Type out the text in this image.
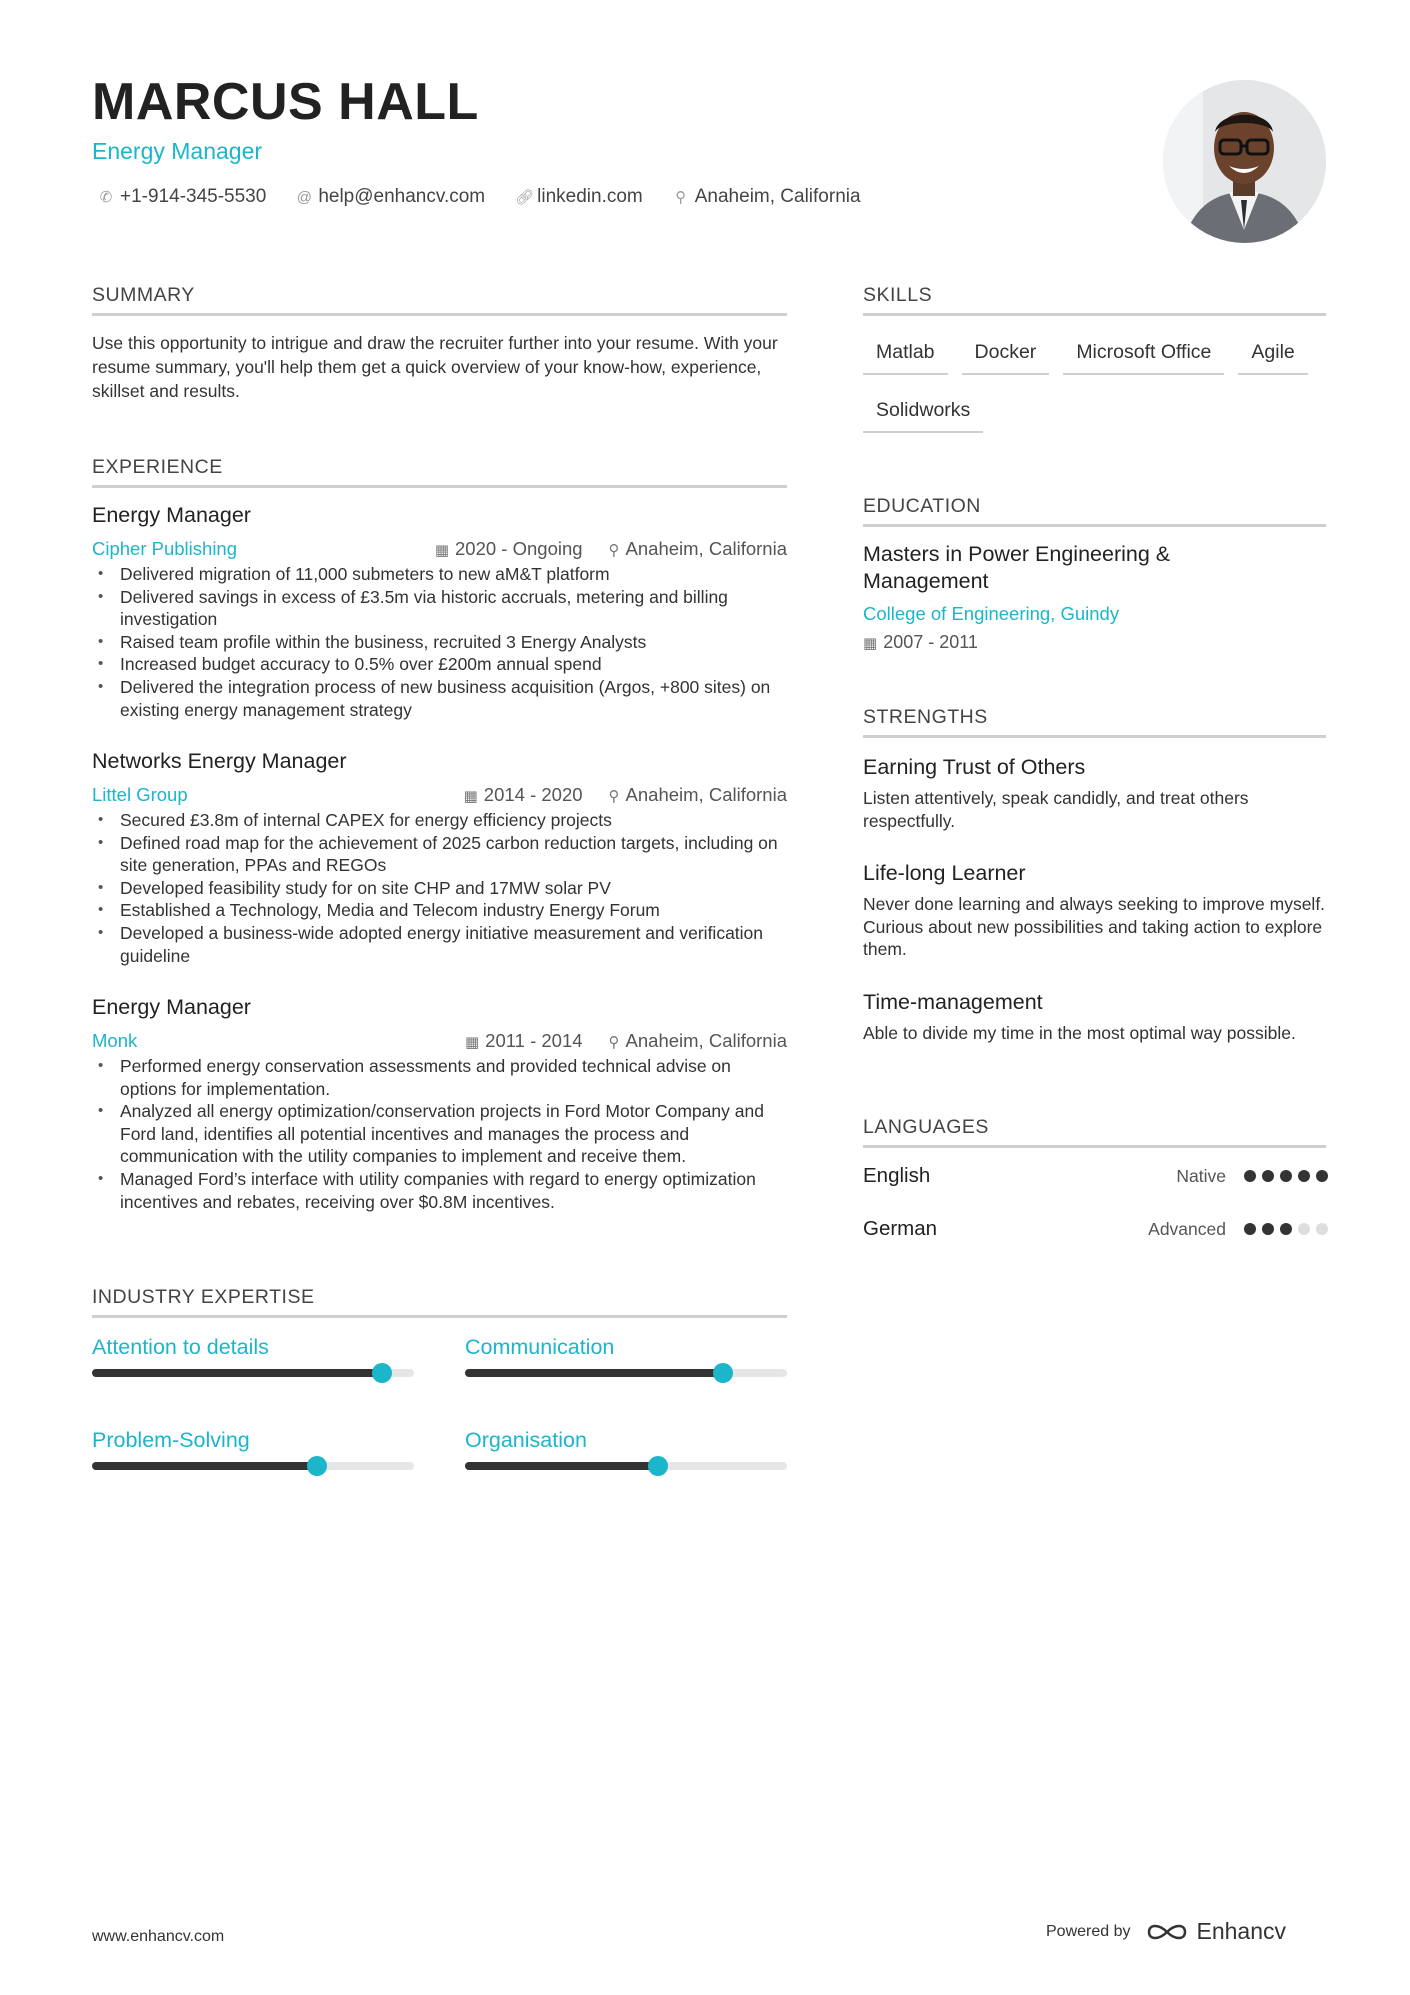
MARCUS HALL
Energy Manager
✆ +1-914-345-5530 @ help@enhancv.com 🔗︎ linkedin.com ⚲ Anaheim, California
SUMMARY
Use this opportunity to intrigue and draw the recruiter further into your resume. With your resume summary, you'll help them get a quick overview of your know-how, experience, skillset and results.
EXPERIENCE
Energy Manager
Cipher Publishing	▦ 2020 - Ongoing ⚲ Anaheim, California
• Delivered migration of 11,000 submeters to new aM&T platform
• Delivered savings in excess of £3.5m via historic accruals, metering and billing investigation
• Raised team profile within the business, recruited 3 Energy Analysts
• Increased budget accuracy to 0.5% over £200m annual spend
• Delivered the integration process of new business acquisition (Argos, +800 sites) on existing energy management strategy
Networks Energy Manager
Littel Group	▦ 2014 - 2020 ⚲ Anaheim, California
• Secured £3.8m of internal CAPEX for energy efficiency projects
• Defined road map for the achievement of 2025 carbon reduction targets, including on site generation, PPAs and REGOs
• Developed feasibility study for on site CHP and 17MW solar PV
• Established a Technology, Media and Telecom industry Energy Forum
• Developed a business-wide adopted energy initiative measurement and verification guideline
Energy Manager
Monk	▦ 2011 - 2014 ⚲ Anaheim, California
• Performed energy conservation assessments and provided technical advise on options for implementation.
• Analyzed all energy optimization/conservation projects in Ford Motor Company and Ford land, identifies all potential incentives and manages the process and communication with the utility companies to implement and receive them.
• Managed Ford’s interface with utility companies with regard to energy optimization incentives and rebates, receiving over $0.8M incentives.
INDUSTRY EXPERTISE
Attention to details	Communication
Problem-Solving	Organisation
SKILLS
Matlab	Docker	Microsoft Office	Agile
Solidworks
EDUCATION
Masters in Power Engineering & Management
College of Engineering, Guindy
▦ 2007 - 2011
STRENGTHS
Earning Trust of Others
Listen attentively, speak candidly, and treat others respectfully.
Life-long Learner
Never done learning and always seeking to improve myself. Curious about new possibilities and taking action to explore them.
Time-management
Able to divide my time in the most optimal way possible.
LANGUAGES
English	Native
German	Advanced
www.enhancv.com	Powered by	Enhancv
